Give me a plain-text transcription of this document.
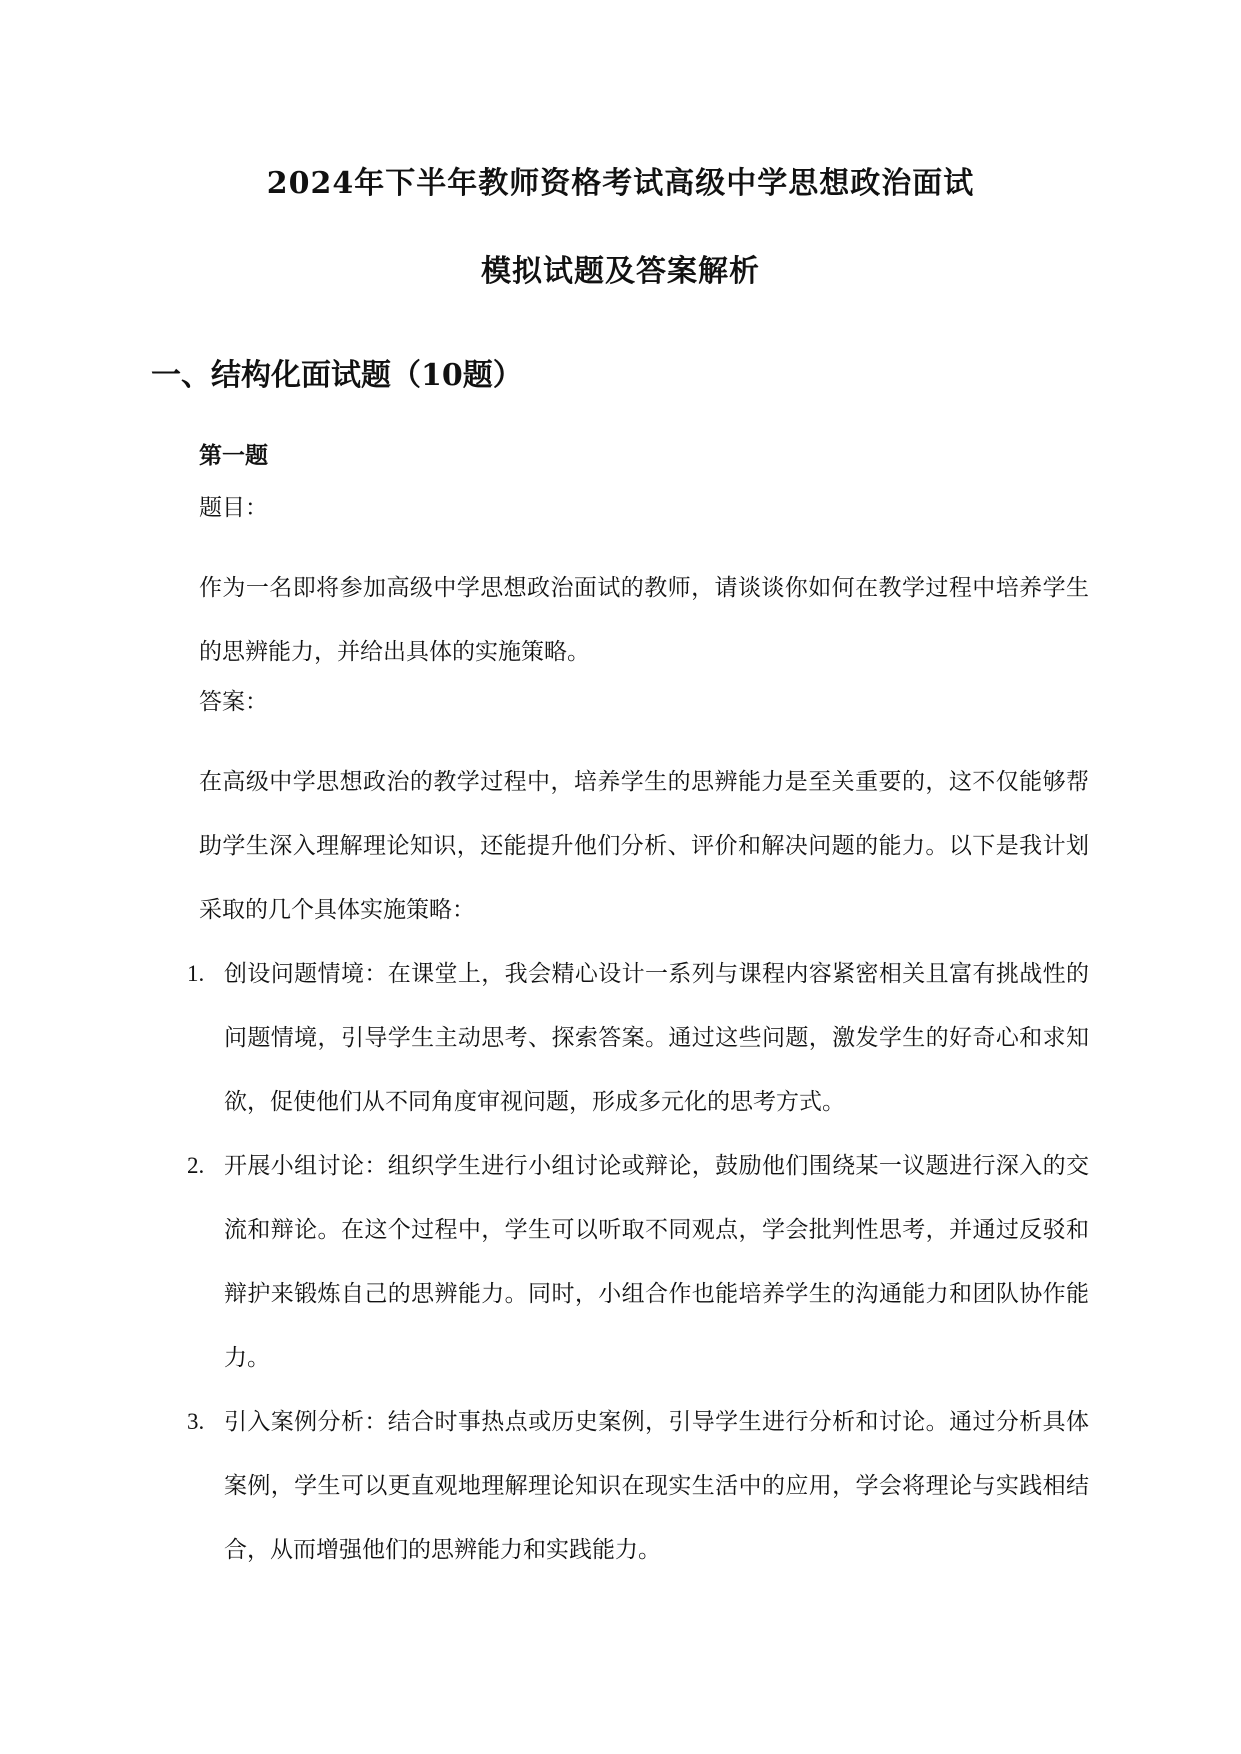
2024年下半年教师资格考试高级中学思想政治面试
模拟试题及答案解析
一、结构化面试题（10题）
第一题
题目：
作为一名即将参加高级中学思想政治面试的教师，请谈谈你如何在教学过程中培养学生的思辨能力，并给出具体的实施策略。
答案：
在高级中学思想政治的教学过程中，培养学生的思辨能力是至关重要的，这不仅能够帮助学生深入理解理论知识，还能提升他们分析、评价和解决问题的能力。以下是我计划采取的几个具体实施策略：
1. 创设问题情境：在课堂上，我会精心设计一系列与课程内容紧密相关且富有挑战性的问题情境，引导学生主动思考、探索答案。通过这些问题，激发学生的好奇心和求知欲，促使他们从不同角度审视问题，形成多元化的思考方式。
2. 开展小组讨论：组织学生进行小组讨论或辩论，鼓励他们围绕某一议题进行深入的交流和辩论。在这个过程中，学生可以听取不同观点，学会批判性思考，并通过反驳和辩护来锻炼自己的思辨能力。同时，小组合作也能培养学生的沟通能力和团队协作能力。
3. 引入案例分析：结合时事热点或历史案例，引导学生进行分析和讨论。通过分析具体案例，学生可以更直观地理解理论知识在现实生活中的应用，学会将理论与实践相结合，从而增强他们的思辨能力和实践能力。
